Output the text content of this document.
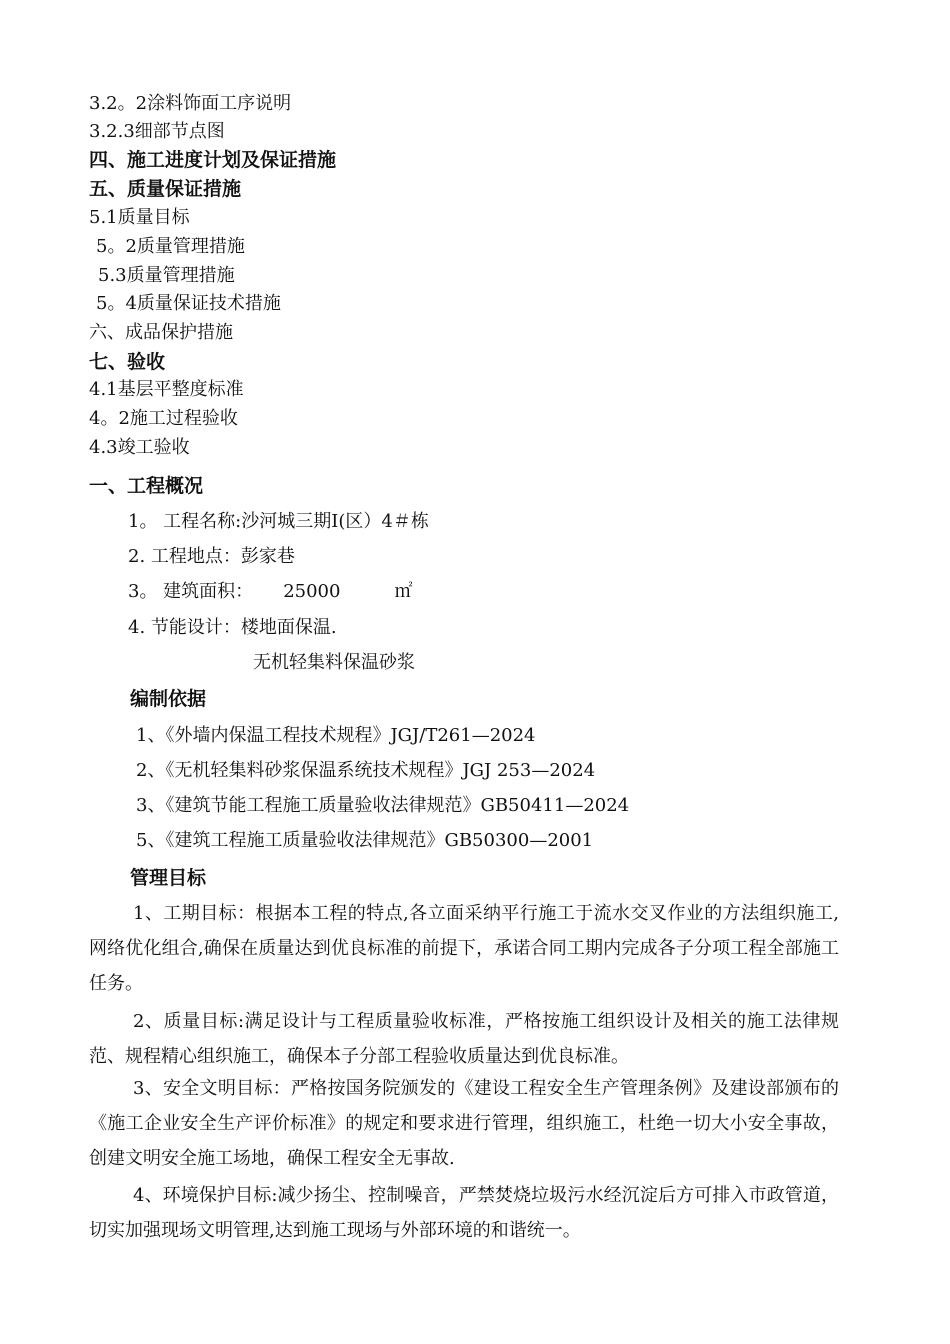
3.2。2涂料饰面工序说明
3.2.3细部节点图
四、施工进度计划及保证措施
五、质量保证措施
5.1质量目标
5。2质量管理措施
5.3质量管理措施
5。4质量保证技术措施
六、成品保护措施
七、验收
4.1基层平整度标准
4。2施工过程验收
4.3竣工验收
一、工程概况
1。 工程名称:沙河城三期I(区）4＃栋
2. 工程地点：彭家巷
3。 建筑面积： 25000	㎡
4. 节能设计：楼地面保温.
无机轻集料保温砂浆
编制依据
1、《外墙内保温工程技术规程》JGJ/T261—2024
2、《无机轻集料砂浆保温系统技术规程》JGJ 253—2024
3、《建筑节能工程施工质量验收法律规范》GB50411—2024
5、《建筑工程施工质量验收法律规范》GB50300—2001
管理目标
1、工期目标：根据本工程的特点,各立面采纳平行施工于流水交叉作业的方法组织施工,网络优化组合,确保在质量达到优良标准的前提下，承诺合同工期内完成各子分项工程全部施工任务。
2、质量目标:满足设计与工程质量验收标准，严格按施工组织设计及相关的施工法律规范、规程精心组织施工，确保本子分部工程验收质量达到优良标准。
3、安全文明目标：严格按国务院颁发的《建设工程安全生产管理条例》及建设部颁布的《施工企业安全生产评价标准》的规定和要求进行管理，组织施工，杜绝一切大小安全事故，创建文明安全施工场地，确保工程安全无事故.
4、环境保护目标:减少扬尘、控制噪音，严禁焚烧垃圾污水经沉淀后方可排入市政管道，切实加强现场文明管理,达到施工现场与外部环境的和谐统一。
